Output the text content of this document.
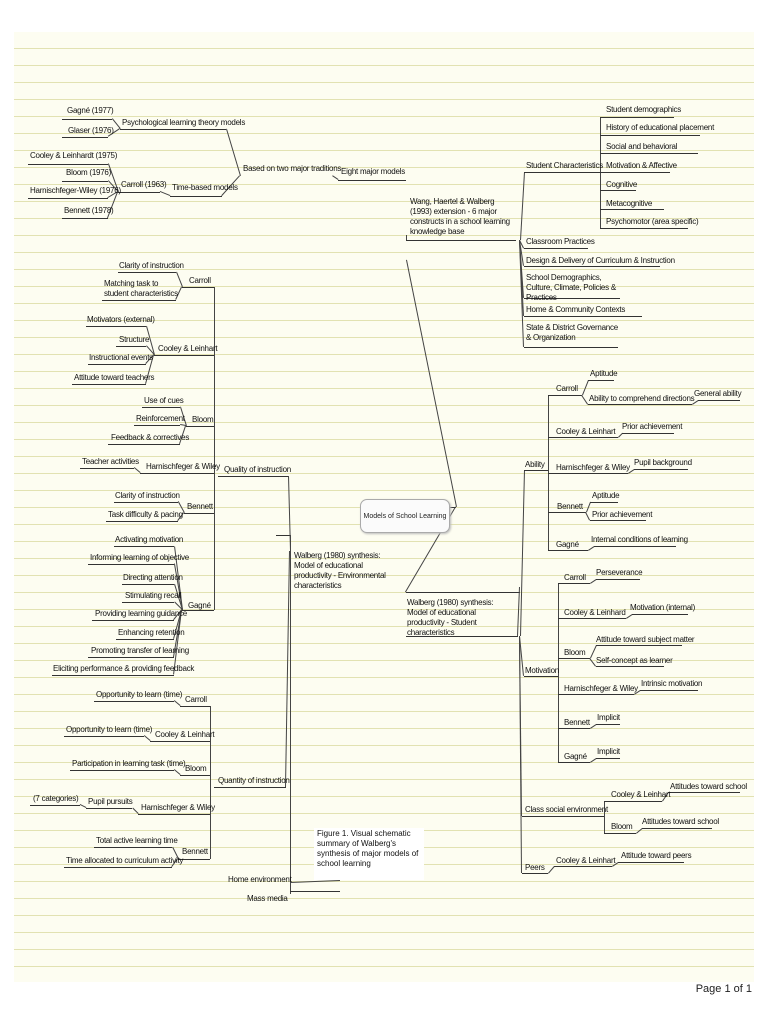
Eight major models
Based on two major traditions
Psychological learning theory models
Gagné (1977)
Glaser (1976)
Time-based models
Carroll (1963)
Cooley & Leinhardt (1975)
Bloom (1976)
Harnischfeger-Wiley (1976)
Bennett (1978)
Wang, Haertel & Walberg (1993) extension - 6 major constructs in a school learning knowledge base
Student Characteristics
Student demographics
History of educational placement
Social and behavioral
Motivation & Affective
Cognitive
Metacognitive
Psychomotor (area specific)
Classroom Practices
Design & Delivery of Curriculum & Instruction
School Demographics, Culture, Climate, Policies & Practices
Home & Community Contexts
State & District Governance & Organization
Quality of instruction
Carroll
Clarity of instruction
Matching task to student characteristics
Cooley & Leinhart
Motivators (external)
Structure
Instructional events
Attitude toward teachers
Bloom
Use of cues
Reinforcement
Feedback & correctives
Harnischfeger & Wiley
Teacher activities
Bennett
Clarity of instruction
Task difficulty & pacing
Gagné
Activating motivation
Informing learning of objective
Directing attention
Stimulating recall
Providing learning guidance
Enhancing retention
Promoting transfer of learning
Eliciting performance & providing feedback
Walberg (1980) synthesis: Model of educational productivity - Environmental characteristics
Quantity of instruction
Carroll
Opportunity to learn (time)
Cooley & Leinhart
Opportunity to learn (time)
Bloom
Participation in learning task (time)
Harnischfeger & Wiley
Pupil pursuits
(7 categories)
Bennett
Total active learning time
Time allocated to curriculum activity
Home environment
Mass media
Walberg (1980) synthesis: Model of educational productivity - Student characteristics
Ability
Carroll
Aptitude
Ability to comprehend directions
General ability
Cooley & Leinhart
Prior achievement
Harnischfeger & Wiley
Pupil background
Bennett
Aptitude
Prior achievement
Gagné
Internal conditions of learning
Motivation
Carroll
Perseverance
Cooley & Leinhard
Motivation (internal)
Bloom
Attitude toward subject matter
Self-concept as learner
Harnischfeger & Wiley
Intrinsic motivation
Bennett
Implicit
Gagné
Implicit
Class social environment
Cooley & Leinhart
Attitudes toward school
Bloom
Attitudes toward school
Peers
Cooley & Leinhart
Attitude toward peers
Models of School Learning
Figure 1. Visual schematic summary of Walberg's synthesis of major models of school learning
Page 1 of 1
